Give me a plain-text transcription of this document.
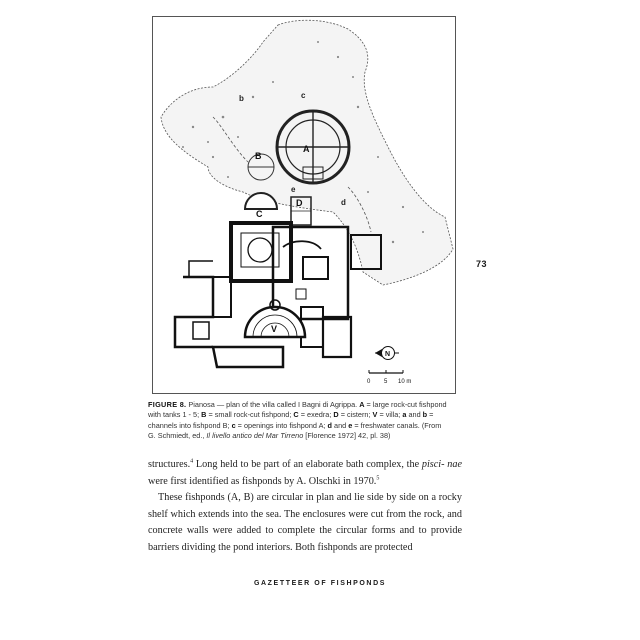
A
B
C
D
V
b	c
d
e
N
0 5 10 m
73
FIGURE 8. Pianosa — plan of the villa called I Bagni di Agrippa. A = large rock-cut fishpond
with tanks 1 - 5; B = small rock-cut fishpond; C = exedra; D = cistern; V = villa; a and b =
channels into fishpond B; c = openings into fishpond A; d and e = freshwater canals. (From
G. Schmiedt, ed., Il livello antico del Mar Tirreno [Florence 1972] 42, pl. 38)

structures.$^4$ Long held to be part of an elaborate bath complex, the pisci- nae were first identified as fishponds by A. Olschki in 1970.$^5$

These fishponds (A, B) are circular in plan and lie side by side on a rocky shelf which extends into the sea. The enclosures were cut from the rock, and concrete walls were added to complete the circular forms and to provide barriers dividing the pond interiors. Both fishponds are protected

GAZETTEER OF FISHPONDS
